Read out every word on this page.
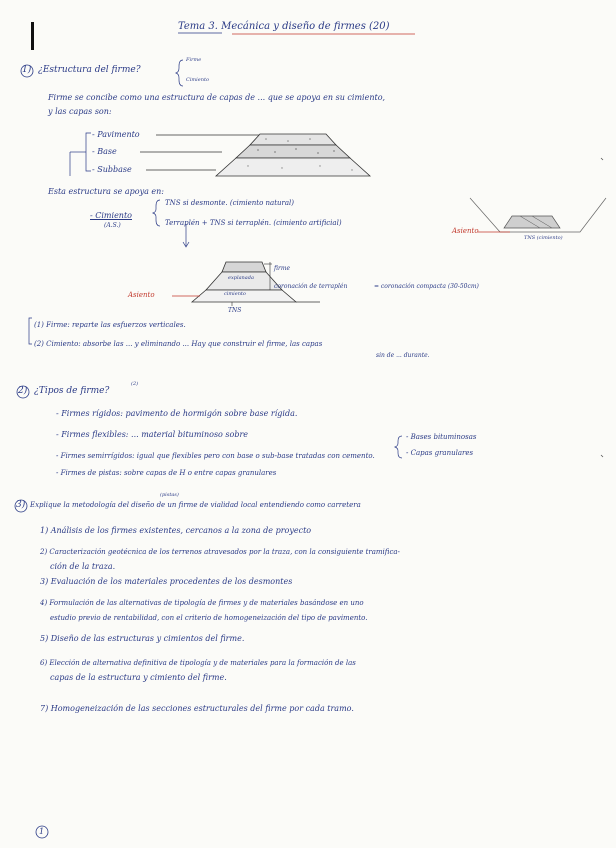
Tema 3. Mecánica y diseño de firmes (20)
1) ¿Estructura del firme?
Firme
Cimiento
Firme se concibe como una estructura de capas de ... que se apoya en su cimiento,
y las capas son:
- Pavimento
- Base
- Subbase
Esta estructura se apoya en:
- Cimiento
(A.S.)
TNS si desmonte. (cimiento natural)
Terraplén + TNS si terraplén. (cimiento artificial)
Asiento
TNS (cimiento)
firme
explanada
cimiento
TNS
Asiento
coronación de terraplén	= coronación compacta (30-50cm)
(1) Firme: reparte las esfuerzos verticales.
(2) Cimiento: absorbe las ... y eliminando ... Hay que construir el firme, las capas
sin de ... durante.
2) ¿Tipos de firme?
(2)
- Firmes rígidos: pavimento de hormigón sobre base rígida.
- Firmes flexibles: ... material bituminoso sobre	- Bases bituminosas
- Capas granulares
- Firmes semirrígidos: igual que flexibles pero con base o sub-base tratadas con cemento.
- Firmes de pistas: sobre capas de H o entre capas granulares
3) Explique la metodología del diseño de un firme de vialidad local entendiendo como carretera
(pistas)
1) Análisis de los firmes existentes, cercanos a la zona de proyecto
2) Caracterización geotécnica de los terrenos atravesados por la traza, con la consiguiente tramifica-
ción de la traza.
3) Evaluación de los materiales procedentes de los desmontes
4) Formulación de las alternativas de tipología de firmes y de materiales basándose en uno
estudio previo de rentabilidad, con el criterio de homogeneización del tipo de pavimento.
5) Diseño de las estructuras y cimientos del firme.
6) Elección de alternativa definitiva de tipología y de materiales para la formación de las
capas de la estructura y cimiento del firme.
7) Homogeneización de las secciones estructurales del firme por cada tramo.
1
